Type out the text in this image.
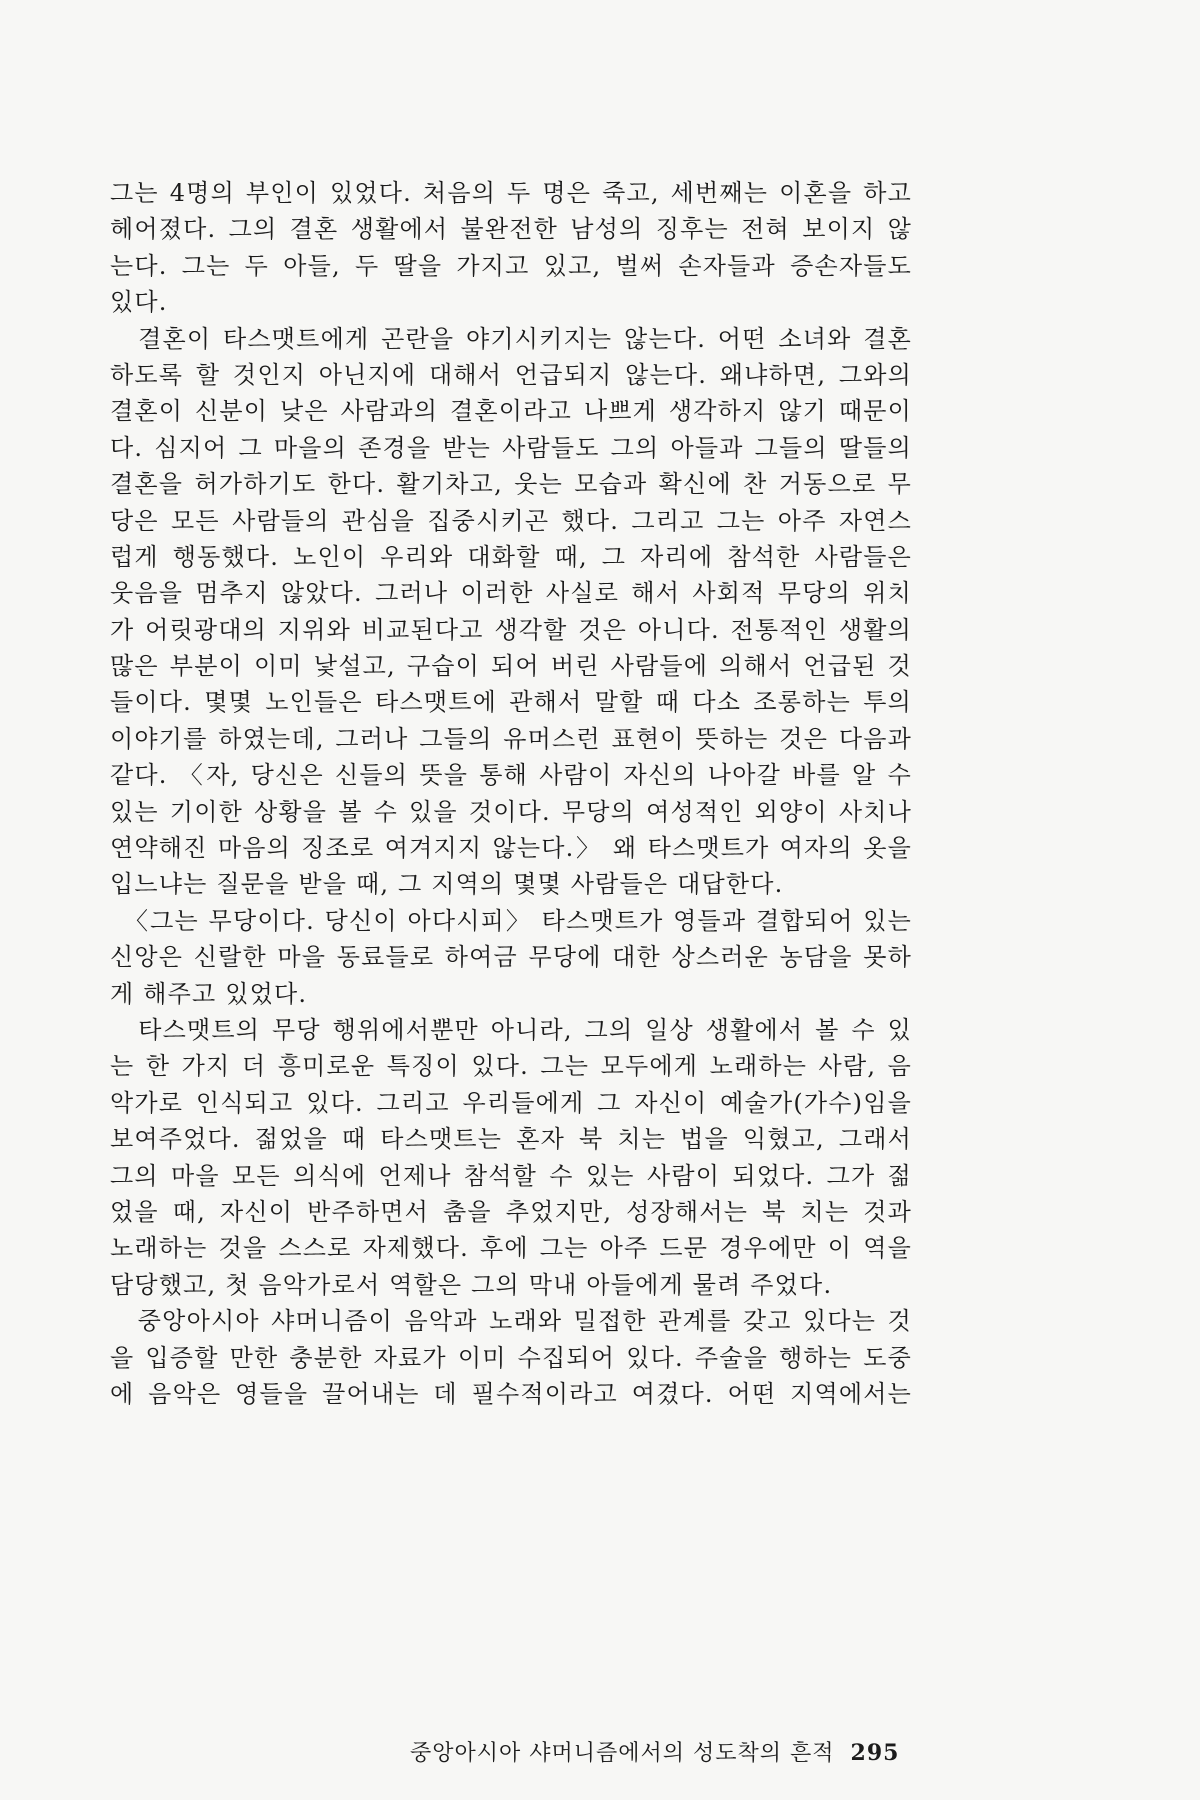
그는 4명의 부인이 있었다. 처음의 두 명은 죽고, 세번째는 이혼을 하고
헤어졌다. 그의 결혼 생활에서 불완전한 남성의 징후는 전혀 보이지 않
는다. 그는 두 아들, 두 딸을 가지고 있고, 벌써 손자들과 증손자들도
있다.
　결혼이 타스맷트에게 곤란을 야기시키지는 않는다. 어떤 소녀와 결혼
하도록 할 것인지 아닌지에 대해서 언급되지 않는다. 왜냐하면, 그와의
결혼이 신분이 낮은 사람과의 결혼이라고 나쁘게 생각하지 않기 때문이
다. 심지어 그 마을의 존경을 받는 사람들도 그의 아들과 그들의 딸들의
결혼을 허가하기도 한다. 활기차고, 웃는 모습과 확신에 찬 거동으로 무
당은 모든 사람들의 관심을 집중시키곤 했다. 그리고 그는 아주 자연스
럽게 행동했다. 노인이 우리와 대화할 때, 그 자리에 참석한 사람들은
웃음을 멈추지 않았다. 그러나 이러한 사실로 해서 사회적 무당의 위치
가 어릿광대의 지위와 비교된다고 생각할 것은 아니다. 전통적인 생활의
많은 부분이 이미 낯설고, 구습이 되어 버린 사람들에 의해서 언급된 것
들이다. 몇몇 노인들은 타스맷트에 관해서 말할 때 다소 조롱하는 투의
이야기를 하였는데, 그러나 그들의 유머스런 표현이 뜻하는 것은 다음과
같다. 〈자, 당신은 신들의 뜻을 통해 사람이 자신의 나아갈 바를 알 수
있는 기이한 상황을 볼 수 있을 것이다. 무당의 여성적인 외양이 사치나
연약해진 마음의 징조로 여겨지지 않는다.〉 왜 타스맷트가 여자의 옷을
입느냐는 질문을 받을 때, 그 지역의 몇몇 사람들은 대답한다.
　〈그는 무당이다. 당신이 아다시피〉 타스맷트가 영들과 결합되어 있는
신앙은 신랄한 마을 동료들로 하여금 무당에 대한 상스러운 농담을 못하
게 해주고 있었다.
　타스맷트의 무당 행위에서뿐만 아니라, 그의 일상 생활에서 볼 수 있
는 한 가지 더 흥미로운 특징이 있다. 그는 모두에게 노래하는 사람, 음
악가로 인식되고 있다. 그리고 우리들에게 그 자신이 예술가(가수)임을
보여주었다. 젊었을 때 타스맷트는 혼자 북 치는 법을 익혔고, 그래서
그의 마을 모든 의식에 언제나 참석할 수 있는 사람이 되었다. 그가 젊
었을 때, 자신이 반주하면서 춤을 추었지만, 성장해서는 북 치는 것과
노래하는 것을 스스로 자제했다. 후에 그는 아주 드문 경우에만 이 역을
담당했고, 첫 음악가로서 역할은 그의 막내 아들에게 물려 주었다.
　중앙아시아 샤머니즘이 음악과 노래와 밀접한 관계를 갖고 있다는 것
을 입증할 만한 충분한 자료가 이미 수집되어 있다. 주술을 행하는 도중
에 음악은 영들을 끌어내는 데 필수적이라고 여겼다. 어떤 지역에서는
중앙아시아 샤머니즘에서의 성도착의 흔적 295
